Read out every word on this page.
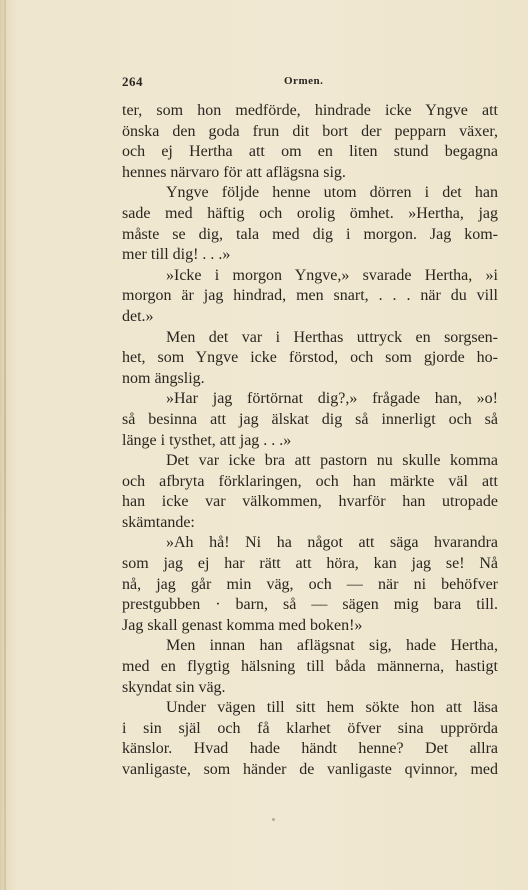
264	Ormen.
ter, som hon medförde, hindrade icke Yngve att
önska den goda frun dit bort der pepparn växer,
och ej Hertha att om en liten stund begagna
hennes närvaro för att aflägsna sig.
Yngve följde henne utom dörren i det han
sade med häftig och orolig ömhet. »Hertha, jag
måste se dig, tala med dig i morgon. Jag kom-
mer till dig! . . .»
»Icke i morgon Yngve,» svarade Hertha, »i
morgon är jag hindrad, men snart, . . . när du vill
det.»
Men det var i Herthas uttryck en sorgsen-
het, som Yngve icke förstod, och som gjorde ho-
nom ängslig.
»Har jag förtörnat dig?,» frågade han, »o!
så besinna att jag älskat dig så innerligt och så
länge i tysthet, att jag . . .»
Det var icke bra att pastorn nu skulle komma
och afbryta förklaringen, och han märkte väl att
han icke var välkommen, hvarför han utropade
skämtande:
»Ah hå! Ni ha något att säga hvarandra
som jag ej har rätt att höra, kan jag se! Nå
nå, jag går min väg, och — när ni behöfver
prestgubben · barn, så — sägen mig bara till.
Jag skall genast komma med boken!»
Men innan han aflägsnat sig, hade Hertha,
med en flygtig hälsning till båda männerna, hastigt
skyndat sin väg.
Under vägen till sitt hem sökte hon att läsa
i sin själ och få klarhet öfver sina upprörda
känslor. Hvad hade händt henne? Det allra
vanligaste, som händer de vanligaste qvinnor, med
